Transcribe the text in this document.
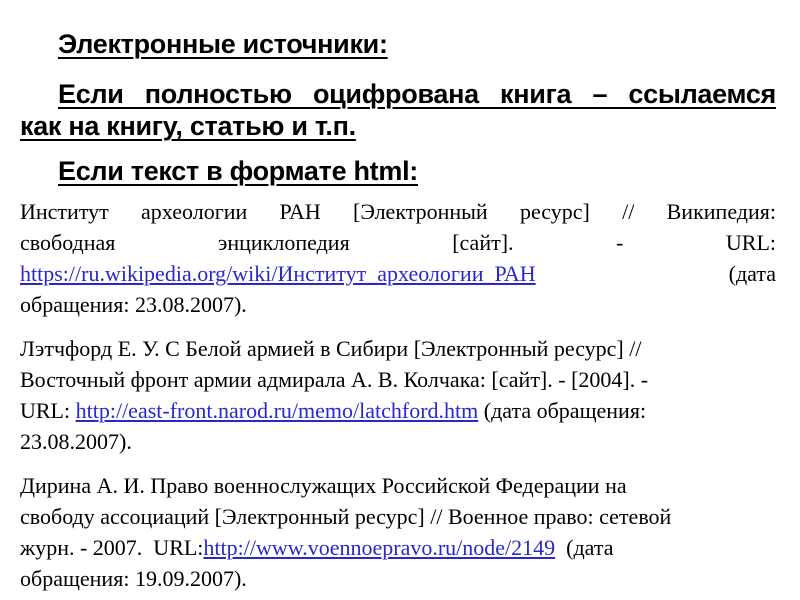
Электронные источники:
Если полностью оцифрована книга – ссылаемся
как на книгу, статью и т.п.
Если текст в формате html:
Институт археологии РАН [Электронный ресурс] // Википедия:
свободная энциклопедия [сайт]. - URL:
https://ru.wikipedia.org/wiki/Институт_археологии_РАН (дата
обращения: 23.08.2007).
Лэтчфорд Е. У. С Белой армией в Сибири [Электронный ресурс] //
Восточный фронт армии адмирала А. В. Колчака: [сайт]. - [2004]. -
URL: http://east-front.narod.ru/memo/latchford.htm (дата обращения:
23.08.2007).
Дирина А. И. Право военнослужащих Российской Федерации на
свободу ассоциаций [Электронный ресурс] // Военное право: сетевой
журн. - 2007.  URL:http://www.voennoepravo.ru/node/2149  (дата
обращения: 19.09.2007).
